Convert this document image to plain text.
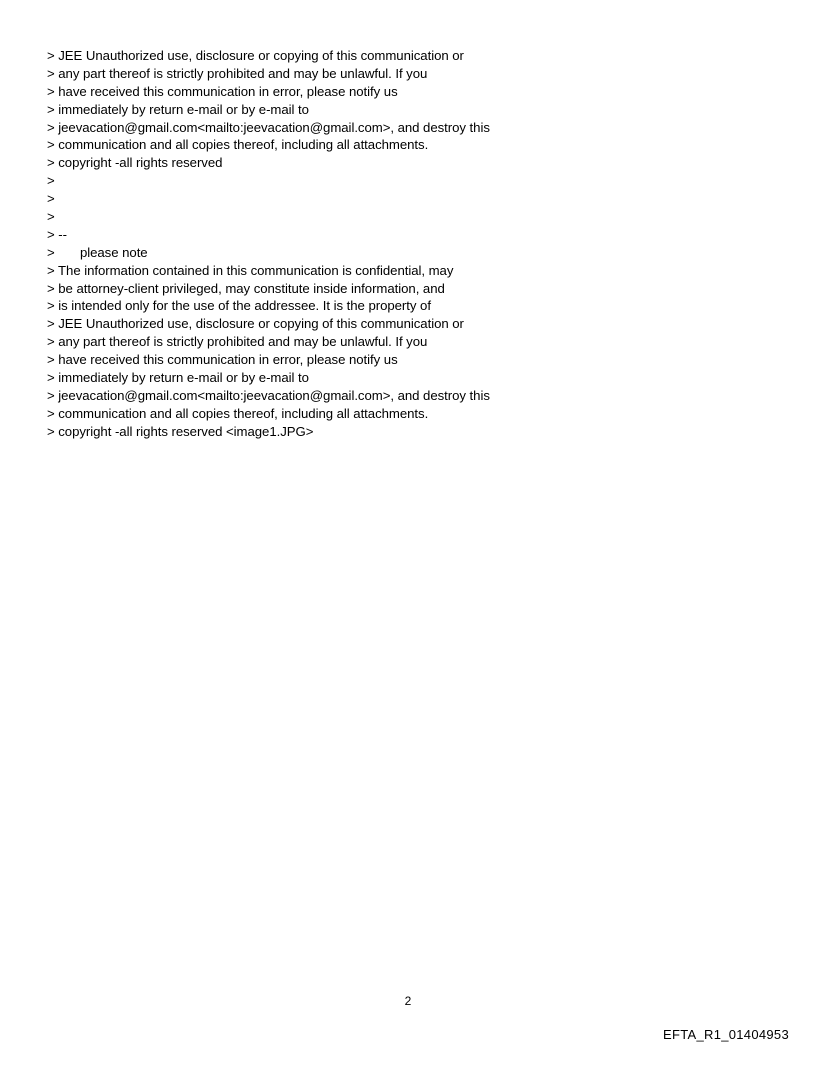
> JEE Unauthorized use, disclosure or copying of this communication or
> any part thereof is strictly prohibited and may be unlawful. If you
> have received this communication in error, please notify us
> immediately by return e-mail or by e-mail to
> jeevacation@gmail.com<mailto:jeevacation@gmail.com>, and destroy this
> communication and all copies thereof, including all attachments.
> copyright -all rights reserved
>
>
>
> --
>       please note
> The information contained in this communication is confidential, may
> be attorney-client privileged, may constitute inside information, and
> is intended only for the use of the addressee. It is the property of
> JEE Unauthorized use, disclosure or copying of this communication or
> any part thereof is strictly prohibited and may be unlawful. If you
> have received this communication in error, please notify us
> immediately by return e-mail or by e-mail to
> jeevacation@gmail.com<mailto:jeevacation@gmail.com>, and destroy this
> communication and all copies thereof, including all attachments.
> copyright -all rights reserved <image1.JPG>
2
EFTA_R1_01404953
